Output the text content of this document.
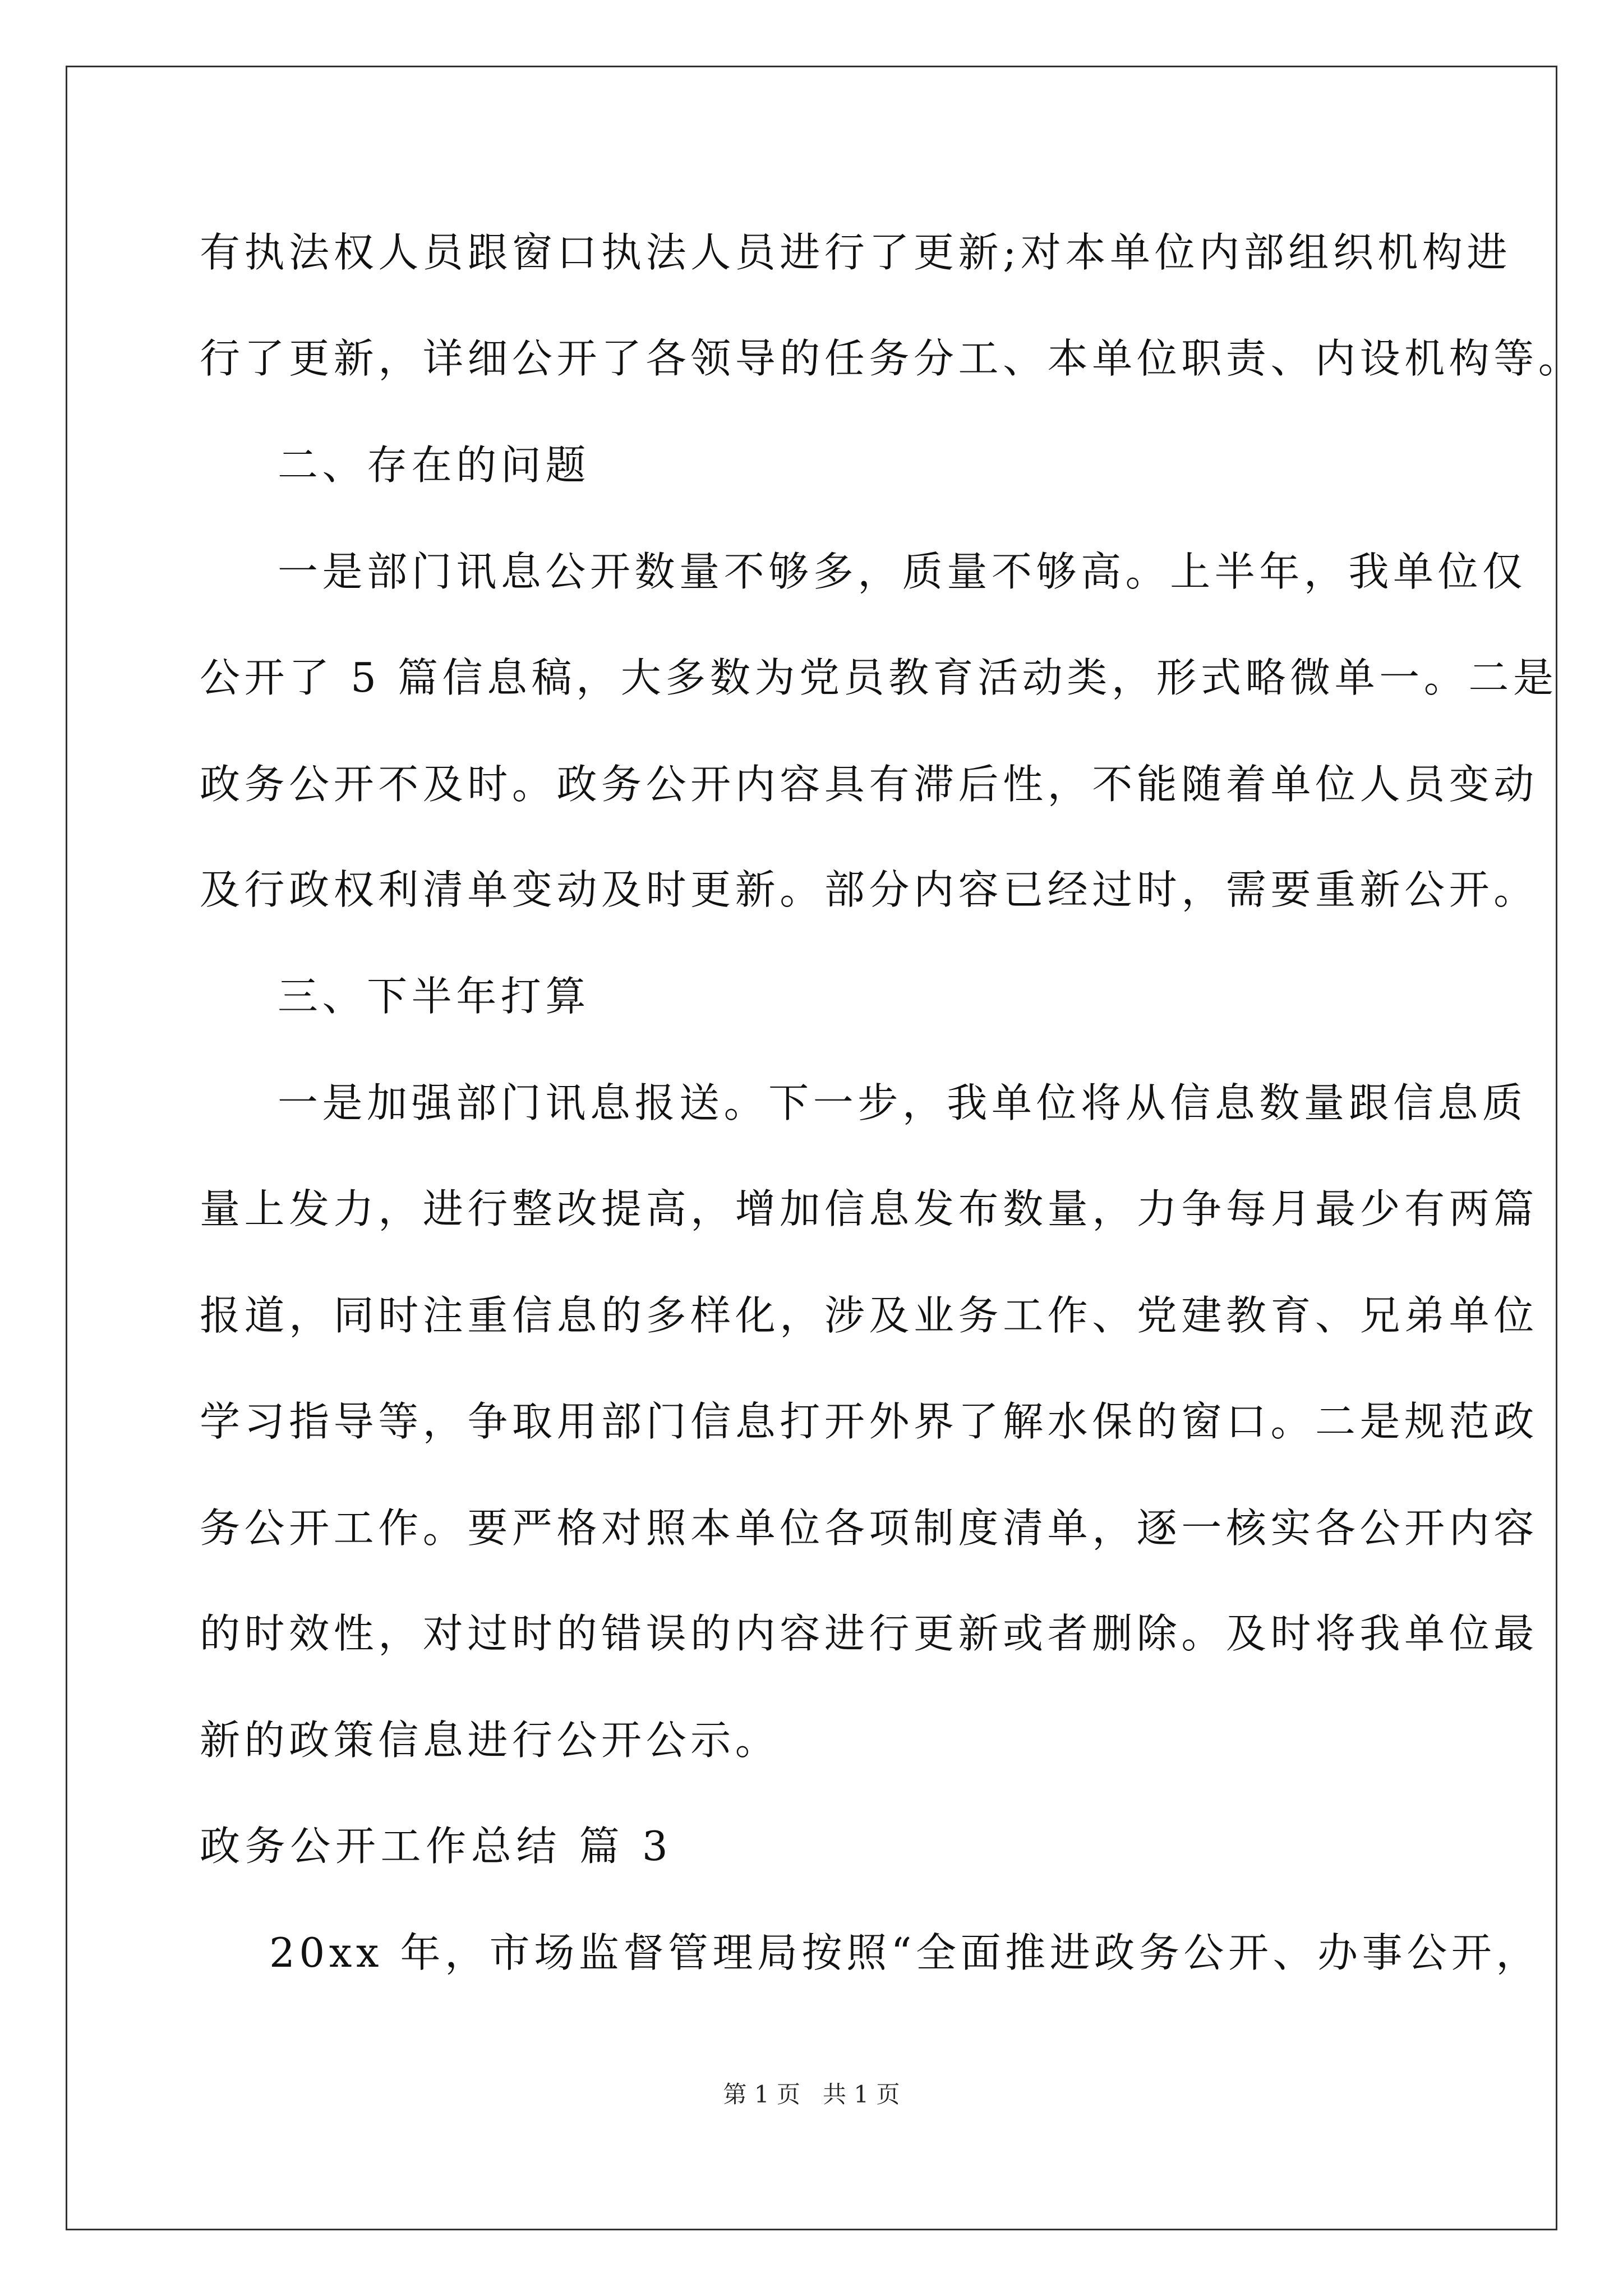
有执法权人员跟窗口执法人员进行了更新;对本单位内部组织机构进
行了更新，详细公开了各领导的任务分工、本单位职责、内设机构等。
二、存在的问题
一是部门讯息公开数量不够多，质量不够高。上半年，我单位仅
公开了 5 篇信息稿，大多数为党员教育活动类，形式略微单一。二是
政务公开不及时。政务公开内容具有滞后性，不能随着单位人员变动
及行政权利清单变动及时更新。部分内容已经过时，需要重新公开。
三、下半年打算
一是加强部门讯息报送。下一步，我单位将从信息数量跟信息质
量上发力，进行整改提高，增加信息发布数量，力争每月最少有两篇
报道，同时注重信息的多样化，涉及业务工作、党建教育、兄弟单位
学习指导等，争取用部门信息打开外界了解水保的窗口。二是规范政
务公开工作。要严格对照本单位各项制度清单，逐一核实各公开内容
的时效性，对过时的错误的内容进行更新或者删除。及时将我单位最
新的政策信息进行公开公示。
政务公开工作总结 篇 3
20xx 年，市场监督管理局按照“全面推进政务公开、办事公开，
第 1 页   共 1 页
